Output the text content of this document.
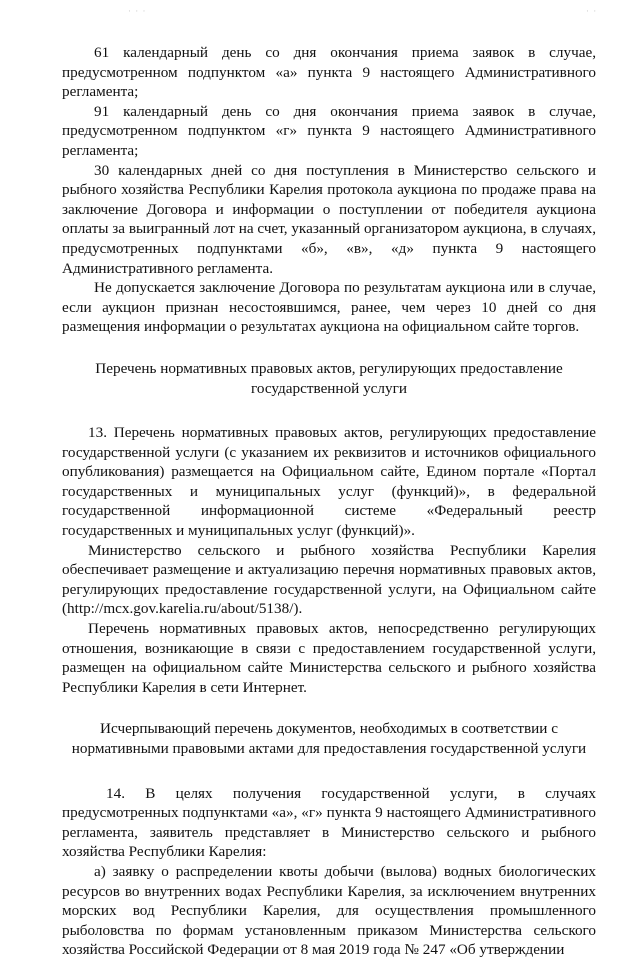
· · ·	· ·

61 календарный день со дня окончания приема заявок в случае, предусмотренном подпунктом «а» пункта 9 настоящего Административного регламента;

91 календарный день со дня окончания приема заявок в случае, предусмотренном подпунктом «г» пункта 9 настоящего Административного регламента;

30 календарных дней со дня поступления в Министерство сельского и рыбного хозяйства Республики Карелия протокола аукциона по продаже права на заключение Договора и информации о поступлении от победителя аукциона оплаты за выигранный лот на счет, указанный организатором аукциона, в случаях, предусмотренных подпунктами «б», «в», «д» пункта 9 настоящего Административного регламента.

Не допускается заключение Договора по результатам аукциона или в случае, если аукцион признан несостоявшимся, ранее, чем через 10 дней со дня размещения информации о результатах аукциона на официальном сайте торгов.

Перечень нормативных правовых актов, регулирующих предоставление государственной услуги

13. Перечень нормативных правовых актов, регулирующих предоставление государственной услуги (с указанием их реквизитов и источников официального опубликования) размещается на Официальном сайте, Едином портале «Портал государственных и муниципальных услуг (функций)», в федеральной государственной информационной системе «Федеральный реестр государственных и муниципальных услуг (функций)».

Министерство сельского и рыбного хозяйства Республики Карелия обеспечивает размещение и актуализацию перечня нормативных правовых актов, регулирующих предоставление государственной услуги, на Официальном сайте (http://mcx.gov.karelia.ru/about/5138/).

Перечень нормативных правовых актов, непосредственно регулирующих отношения, возникающие в связи с предоставлением государственной услуги, размещен на официальном сайте Министерства сельского и рыбного хозяйства Республики Карелия в сети Интернет.

Исчерпывающий перечень документов, необходимых в соответствии с нормативными правовыми актами для предоставления государственной услуги

14. В целях получения государственной услуги, в случаях предусмотренных подпунктами «а», «г» пункта 9 настоящего Административного регламента, заявитель представляет в Министерство сельского и рыбного хозяйства Республики Карелия:

а) заявку о распределении квоты добычи (вылова) водных биологических ресурсов во внутренних водах Республики Карелия, за исключением внутренних морских вод Республики Карелия, для осуществления промышленного рыболовства по формам установленным приказом Министерства сельского хозяйства Российской Федерации от 8 мая 2019 года № 247 «Об утверждении
